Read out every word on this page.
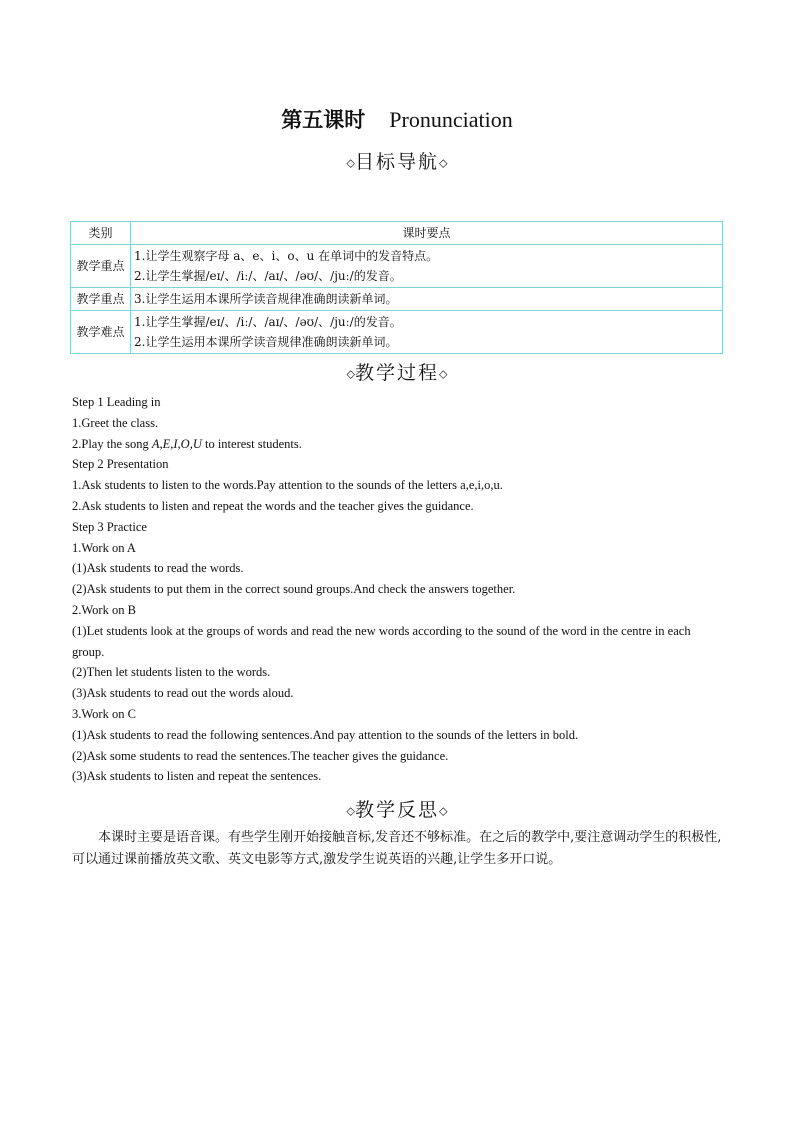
第五课时 Pronunciation
◇目标导航◇
类别	课时要点
教学重点	1.让学生观察字母 a、e、i、o、u 在单词中的发音特点。
2.让学生掌握/eɪ/、/iː/、/aɪ/、/əʊ/、/juː/的发音。

教学重点	3.让学生运用本课所学读音规律准确朗读新单词。

教学难点	1.让学生掌握/eɪ/、/iː/、/aɪ/、/əʊ/、/juː/的发音。
2.让学生运用本课所学读音规律准确朗读新单词。
◇教学过程◇

Step 1 Leading in

1.Greet the class.

2.Play the song A,E,I,O,U to interest students.

Step 2 Presentation

1.Ask students to listen to the words.Pay attention to the sounds of the letters a,e,i,o,u.

2.Ask students to listen and repeat the words and the teacher gives the guidance.

Step 3 Practice

1.Work on A

(1)Ask students to read the words.

(2)Ask students to put them in the correct sound groups.And check the answers together.

2.Work on B

(1)Let students look at the groups of words and read the new words according to the sound of the word in the centre in each group.

(2)Then let students listen to the words.

(3)Ask students to read out the words aloud.

3.Work on C

(1)Ask students to read the following sentences.And pay attention to the sounds of the letters in bold.

(2)Ask some students to read the sentences.The teacher gives the guidance.

(3)Ask students to listen and repeat the sentences.

◇教学反思◇
本课时主要是语音课。有些学生刚开始接触音标,发音还不够标准。在之后的教学中,要注意调动学生的积极性,可以通过课前播放英文歌、英文电影等方式,激发学生说英语的兴趣,让学生多开口说。
